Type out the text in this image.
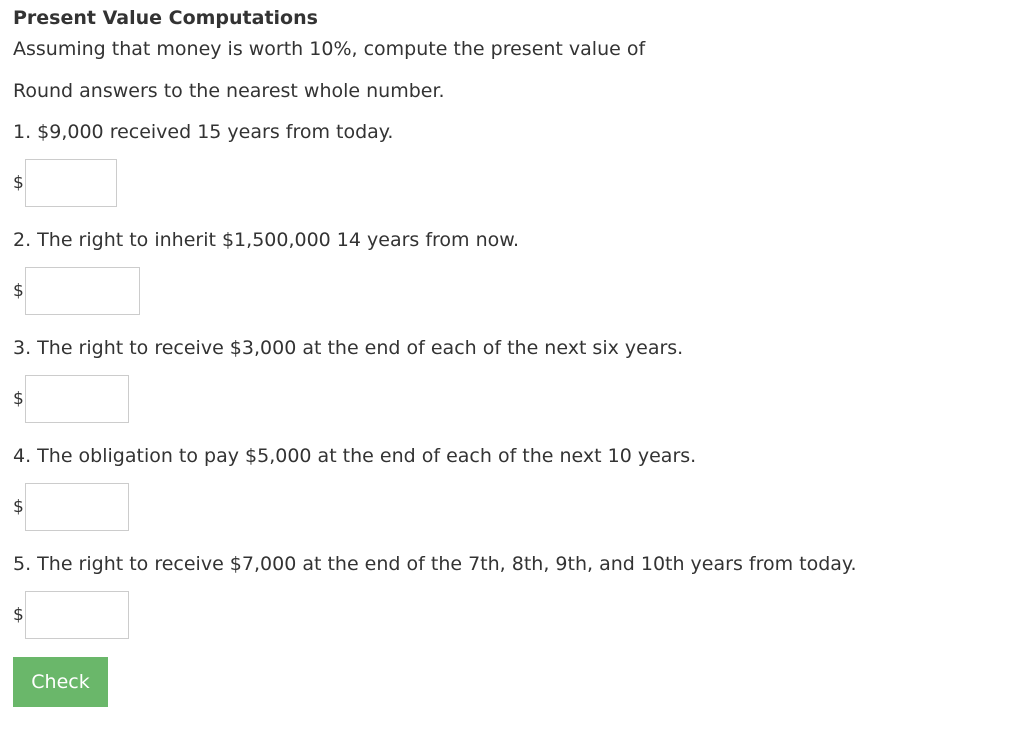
Present Value Computations
Assuming that money is worth 10%, compute the present value of
Round answers to the nearest whole number.
1. $9,000 received 15 years from today.
$
2. The right to inherit $1,500,000 14 years from now.
$
3. The right to receive $3,000 at the end of each of the next six years.
$
4. The obligation to pay $5,000 at the end of each of the next 10 years.
$
5. The right to receive $7,000 at the end of the 7th, 8th, 9th, and 10th years from today.
$
Check
